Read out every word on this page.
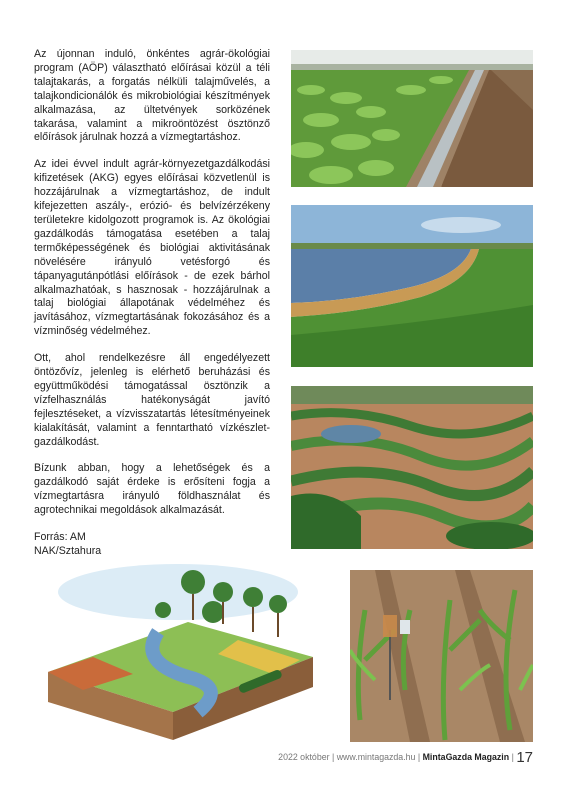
Az újonnan induló, önkéntes agrár-ökológiai program (AÖP) választható előírásai közül a téli talajtakarás, a forgatás nélküli talajművelés, a talajkondicionálók és mikrobiológiai készítmények alkalmazása, az ültetvények sorközének takarása, valamint a mikroöntözést ösztönző előírások járulnak hozzá a vízmegtartáshoz.

Az idei évvel indult agrár-környezetgazdálkodási kifizetések (AKG) egyes előírásai közvetlenül is hozzájárulnak a vízmegtartáshoz, de indult kifejezetten aszály-, erózió- és belvízérzékeny területekre kidolgozott programok is. Az ökológiai gazdálkodás támogatása esetében a talaj termőképességének és biológiai aktivitásának növelésére irányuló vetésforgó és tápanyagutánpótlási előírások - de ezek bárhol alkalmazhatóak, s hasznosak - hozzájárulnak a talaj biológiai állapotának védelméhez és javításához, vízmegtartásának fokozásához és a vízminőség védelméhez.

Ott, ahol rendelkezésre áll engedélyezett öntözővíz, jelenleg is elérhető beruházási és együttműködési támogatással ösztönzik a vízfelhasználás hatékonyságát javító fejlesztéseket, a vízvisszatartás létesítményeinek kialakítását, valamint a fenntartható vízkészlet-gazdálkodást.

Bízunk abban, hogy a lehetőségek és a gazdálkodó saját érdeke is erősíteni fogja a vízmegtartásra irányuló földhasználat és agrotechnikai megoldások alkalmazását.

Forrás: AM
NAK/Sztahura

2022 október | www.mintagazda.hu | MintaGazda Magazin | 17
